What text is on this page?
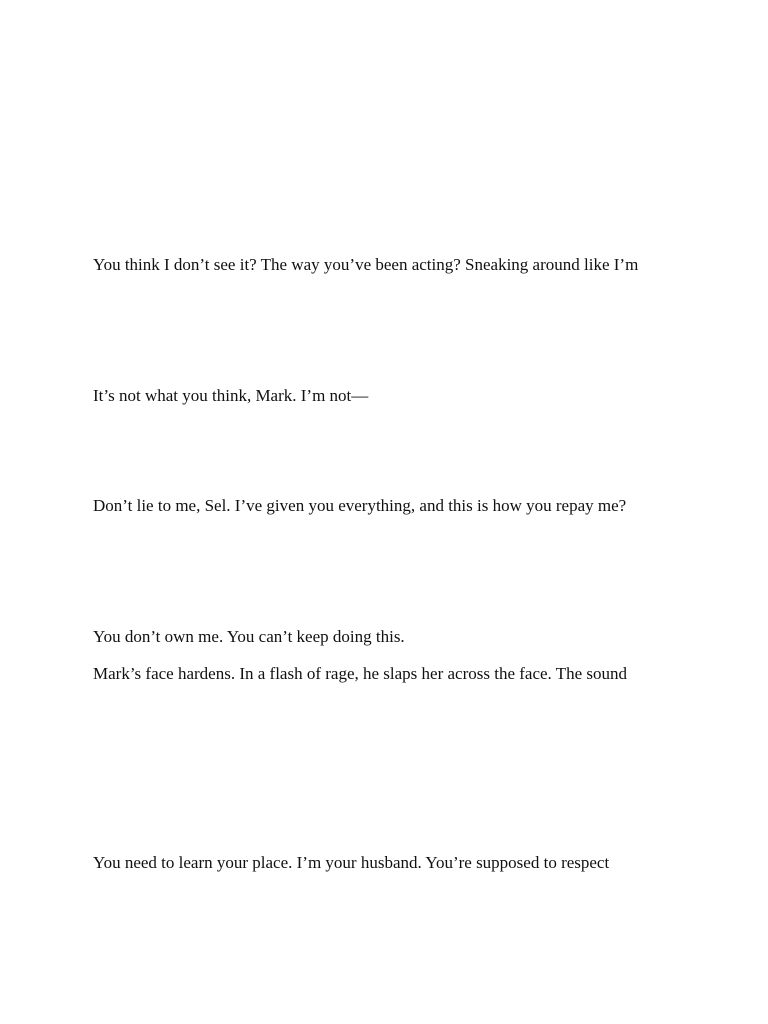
You think I don’t see it? The way you’ve been acting? Sneaking around like I’m

It’s not what you think, Mark. I’m not—

Don’t lie to me, Sel. I’ve given you everything, and this is how you repay me?

You don’t own me. You can’t keep doing this.

Mark’s face hardens. In a flash of rage, he slaps her across the face. The sound

You need to learn your place. I’m your husband. You’re supposed to respect
